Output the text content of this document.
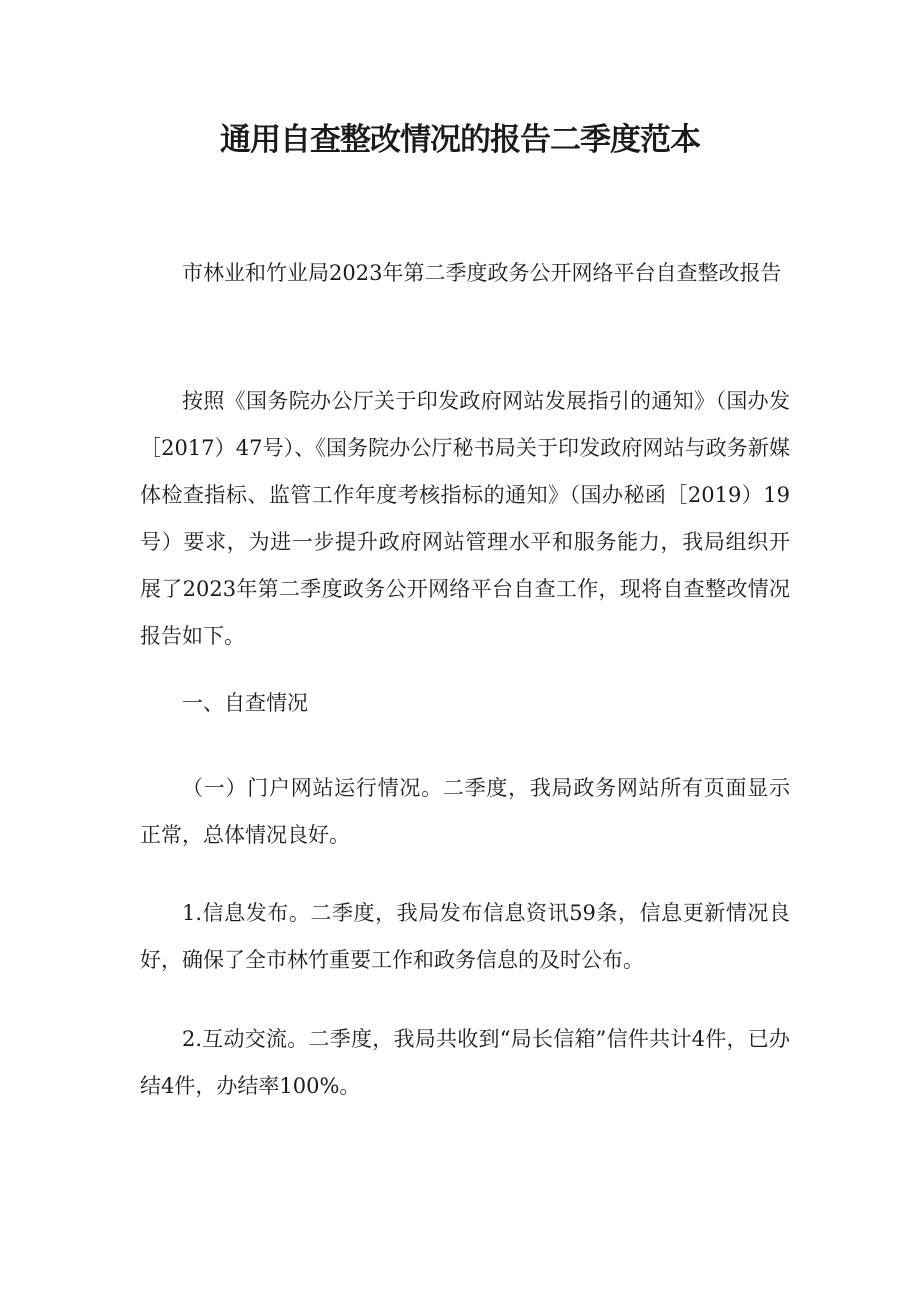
通用自查整改情况的报告二季度范本

市林业和竹业局2023年第二季度政务公开网络平台自查整改报告

按照《国务院办公厅关于印发政府网站发展指引的通知》（国办发［2017）47号）、《国务院办公厅秘书局关于印发政府网站与政务新媒体检查指标、监管工作年度考核指标的通知》（国办秘函［2019）19号）要求，为进一步提升政府网站管理水平和服务能力，我局组织开展了2023年第二季度政务公开网络平台自查工作，现将自查整改情况报告如下。

一、自查情况

（一）门户网站运行情况。二季度，我局政务网站所有页面显示正常，总体情况良好。

1.信息发布。二季度，我局发布信息资讯59条，信息更新情况良好，确保了全市林竹重要工作和政务信息的及时公布。

2.互动交流。二季度，我局共收到“局长信箱”信件共计4件，已办结4件，办结率100%。
